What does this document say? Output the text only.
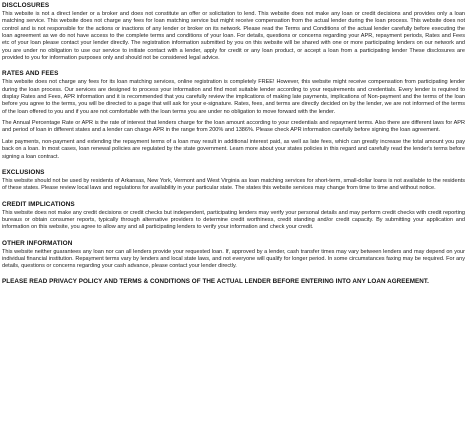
DISCLOSURES

This website is not a direct lender or a broker and does not constitute an offer or solicitation to lend. This website does not make any loan or credit decisions and provides only a loan matching service. This website does not charge any fees for loan matching service but might receive compensation from the actual lender during the loan process. This website does not control and is not responsible for the actions or inactions of any lender or broker on its network. Please read the Terms and Conditions of the actual lender carefully before executing the loan agreement as we do not have access to the complete terms and conditions of your loan. For details, questions or concerns regarding your APR, repayment periods, Rates and Fees etc of your loan please contact your lender directly. The registration information submitted by you on this website will be shared with one or more participating lenders on our network and you are under no obligation to use our service to initiate contact with a lender, apply for credit or any loan product, or accept a loan from a participating lender These disclosures are provided to you for information purposes only and should not be considered legal advice.

RATES AND FEES

This website does not charge any fees for its loan matching services, online registration is completely FREE! However, this website might receive compensation from participating lender during the loan process. Our services are designed to process your information and find most suitable lender according to your requirements and credentials. Every lender is required to display Rates and Fees, APR information and it is recommended that you carefully review the implications of making late payments, implications of Non-payment and the terms of the loan before you agree to the terms, you will be directed to a page that will ask for your e-signature. Rates, fees, and terms are directly decided on by the lender, we are not informed of the terms of the loan offered to you and if you are not comfortable with the loan terms you are under no obligation to move forward with the lender.

The Annual Percentage Rate or APR is the rate of interest that lenders charge for the loan amount according to your credentials and repayment terms. Also there are different laws for APR and period of loan in different states and a lender can charge APR in the range from 200% and 1386%. Please check APR information carefully before signing the loan agreement.

Late payments, non-payment and extending the repayment terms of a loan may result in additional interest paid, as well as late fees, which can greatly increase the total amount you pay back on a loan. In most cases, loan renewal policies are regulated by the state government. Learn more about your states policies in this regard and carefully read the lender's terms before signing a loan contract.

EXCLUSIONS

This website should not be used by residents of Arkansas, New York, Vermont and West Virginia as loan matching services for short-term, small-dollar loans is not available to the residents of these states. Please review local laws and regulations for availability in your particular state. The states this website services may change from time to time and without notice.

CREDIT IMPLICATIONS

This website does not make any credit decisions or credit checks but independent, participating lenders may verify your personal details and may perform credit checks with credit reporting bureaus or obtain consumer reports, typically through alternative providers to determine credit worthiness, credit standing and/or credit capacity. By submitting your application and information on this website, you agree to allow any and all participating lenders to verify your information and check your credit.

OTHER INFORMATION

This website neither guarantees any loan nor can all lenders provide your requested loan. If, approved by a lender, cash transfer times may vary between lenders and may depend on your individual financial institution. Repayment terms vary by lenders and local state laws, and not everyone will qualify for longer period. In some circumstances faxing may be required. For any details, questions or concerns regarding your cash advance, please contact your lender directly.

PLEASE READ PRIVACY POLICY AND TERMS & CONDITIONS OF THE ACTUAL LENDER BEFORE ENTERING INTO ANY LOAN AGREEMENT.
